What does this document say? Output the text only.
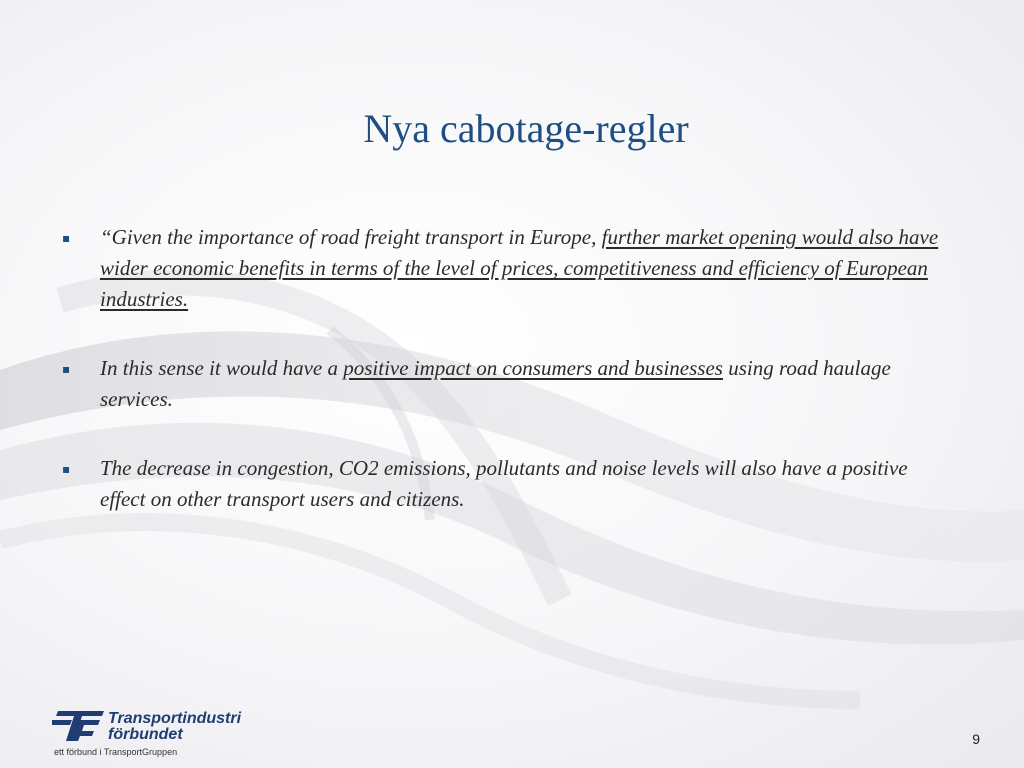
Nya cabotage-regler
▪ “Given the importance of road freight transport in Europe, further market opening would also have wider economic benefits in terms of the level of prices, competitiveness and efficiency of European industries.
▪ In this sense it would have a positive impact on consumers and businesses using road haulage services.
▪ The decrease in congestion, CO2 emissions, pollutants and noise levels will also have a positive effect on other transport users and citizens.
Transportindustri
förbundet
ett förbund i TransportGruppen
9
